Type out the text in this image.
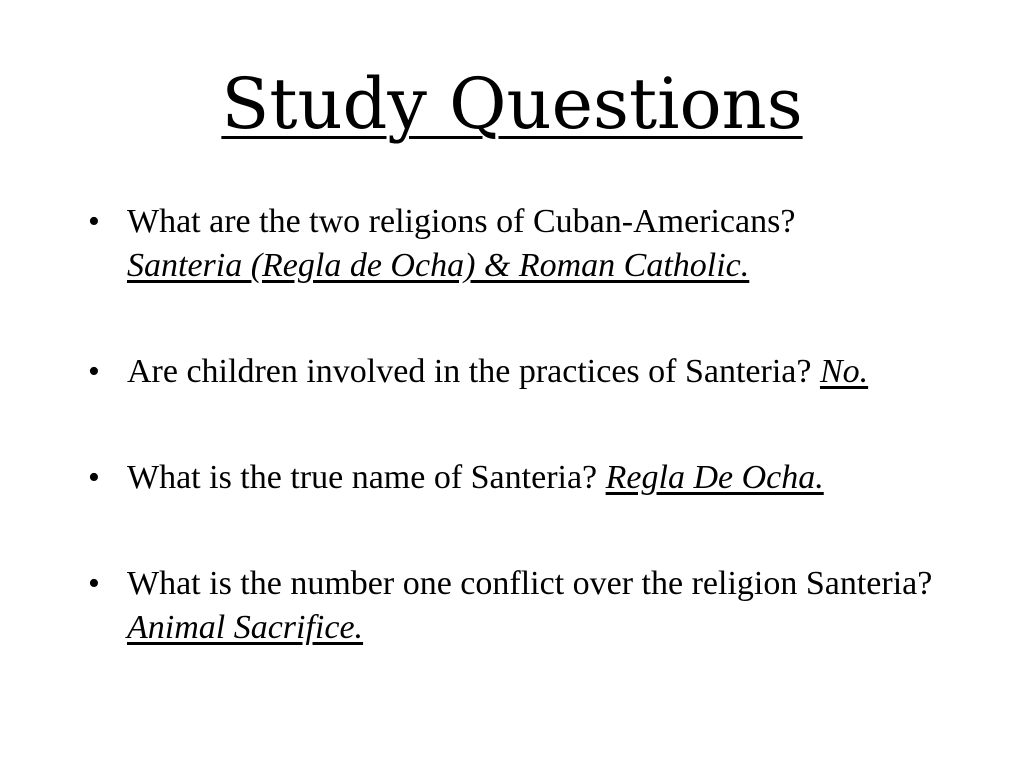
Study Questions
• What are the two religions of Cuban-Americans?
Santeria (Regla de Ocha) & Roman Catholic.
• Are children involved in the practices of Santeria? No.
• What is the true name of Santeria? Regla De Ocha.
• What is the number one conflict over the religion Santeria? Animal Sacrifice.
